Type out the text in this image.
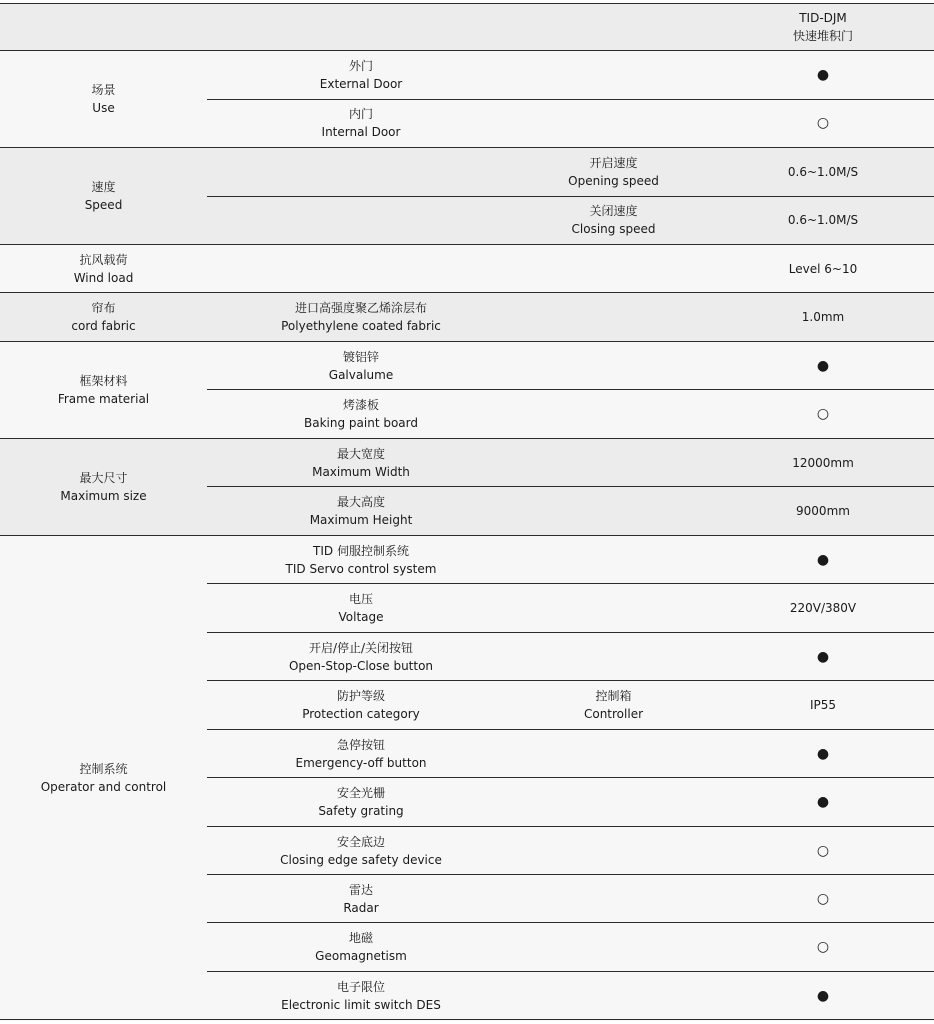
TID-DJM
快速堆积门
场景
Use
外门
External Door
●
内门
Internal Door
○
速度
Speed
开启速度
Opening speed
0.6~1.0M/S
关闭速度
Closing speed
0.6~1.0M/S
抗风载荷
Wind load
Level 6~10
帘布
cord fabric
进口高强度聚乙烯涂层布
Polyethylene coated fabric
1.0mm
框架材料
Frame material
镀铝锌
Galvalume
●
烤漆板
Baking paint board
○
最大尺寸
Maximum size
最大宽度
Maximum Width
12000mm
最大高度
Maximum Height
9000mm
控制系统
Operator and control
TID 伺服控制系统
TID Servo control system
●
电压
Voltage
220V/380V
开启/停止/关闭按钮
Open-Stop-Close button
●
防护等级
Protection category
控制箱
Controller
IP55
急停按钮
Emergency-off button
●
安全光栅
Safety grating
●
安全底边
Closing edge safety device
○
雷达
Radar
○
地磁
Geomagnetism
○
电子限位
Electronic limit switch DES
●
